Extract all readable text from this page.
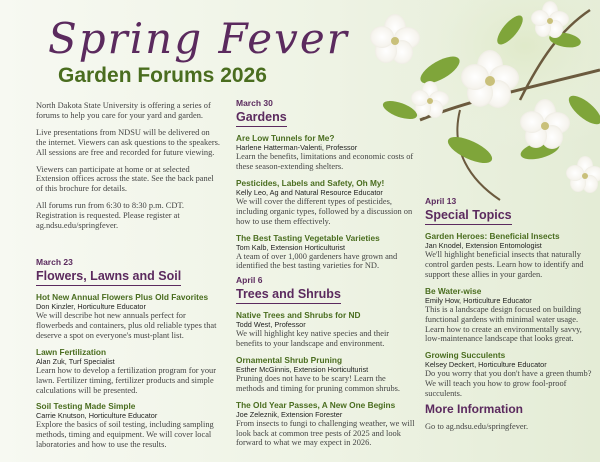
Spring Fever
Garden Forums 2026

North Dakota State University is offering a series of forums to help you care for your yard and garden.

Live presentations from NDSU will be delivered on the internet. Viewers can ask questions to the speakers. All sessions are free and recorded for future viewing.

Viewers can participate at home or at selected Extension offices across the state. See the back panel of this brochure for details.

All forums run from 6:30 to 8:30 p.m. CDT. Registration is requested. Please register at ag.ndsu.edu/springfever.

March 23

Flowers, Lawns and Soil

Hot New Annual Flowers Plus Old Favorites

Don Kinzler, Horticulture Educator

We will describe hot new annuals perfect for flowerbeds and containers, plus old reliable types that deserve a spot on everyone's must-plant list.

Lawn Fertilization

Alan Zuk, Turf Specialist

Learn how to develop a fertilization program for your lawn. Fertilizer timing, fertilizer products and simple calculations will be presented.

Soil Testing Made Simple

Carrie Knutson, Horticulture Educator

Explore the basics of soil testing, including sampling methods, timing and equipment. We will cover local laboratories and how to use the results.

March 30

Gardens

Are Low Tunnels for Me?

Harlene Hatterman-Valenti, Professor

Learn the benefits, limitations and economic costs of these season-extending shelters.

Pesticides, Labels and Safety, Oh My!

Kelly Leo, Ag and Natural Resource Educator

We will cover the different types of pesticides, including organic types, followed by a discussion on how to use them effectively.

The Best Tasting Vegetable Varieties

Tom Kalb, Extension Horticulturist

A team of over 1,000 gardeners have grown and identified the best tasting varieties for ND.

April 6

Trees and Shrubs

Native Trees and Shrubs for ND

Todd West, Professor

We will highlight key native species and their benefits to your landscape and environment.

Ornamental Shrub Pruning

Esther McGinnis, Extension Horticulturist

Pruning does not have to be scary! Learn the methods and timing for pruning common shrubs.

The Old Year Passes, A New One Begins

Joe Zeleznik, Extension Forester

From insects to fungi to challenging weather, we will look back at common tree pests of 2025 and look forward to what we may expect in 2026.

April 13

Special Topics

Garden Heroes: Beneficial Insects

Jan Knodel, Extension Entomologist

We'll highlight beneficial insects that naturally control garden pests. Learn how to identify and support these allies in your garden.

Be Water-wise

Emily How, Horticulture Educator

This is a landscape design focused on building functional gardens with minimal water usage. Learn how to create an environmentally savvy, low-maintenance landscape that looks great.

Growing Succulents

Kelsey Deckert, Horticulture Educator

Do you worry that you don't have a green thumb? We will teach you how to grow fool-proof succulents.

More Information

Go to ag.ndsu.edu/springfever.
